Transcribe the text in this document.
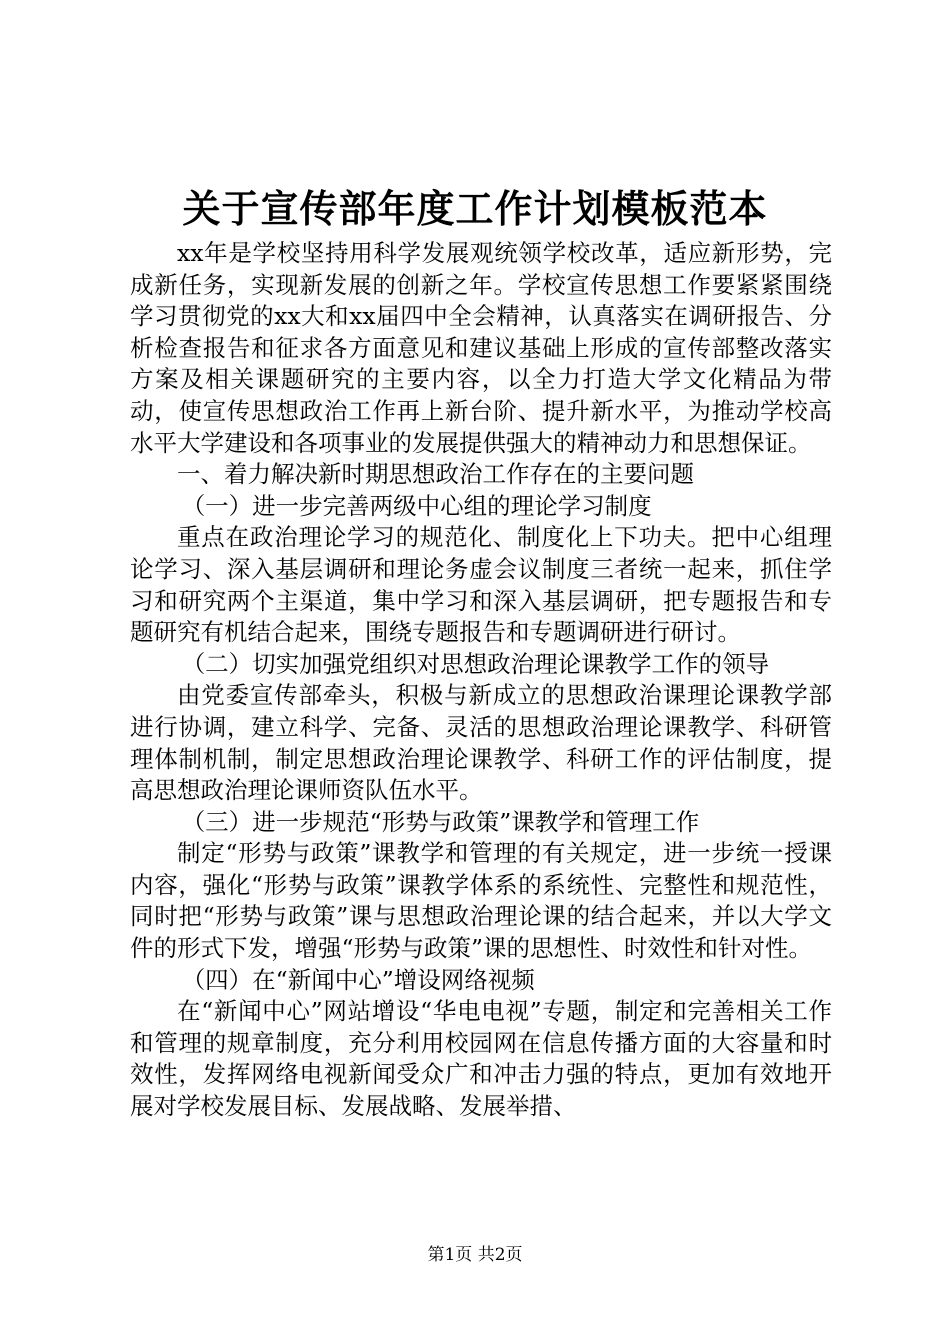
关于宣传部年度工作计划模板范本

xx年是学校坚持用科学发展观统领学校改革，适应新形势，完成新任务，实现新发展的创新之年。学校宣传思想工作要紧紧围绕学习贯彻党的xx大和xx届四中全会精神，认真落实在调研报告、分析检查报告和征求各方面意见和建议基础上形成的宣传部整改落实方案及相关课题研究的主要内容，以全力打造大学文化精品为带动，使宣传思想政治工作再上新台阶、提升新水平，为推动学校高水平大学建设和各项事业的发展提供强大的精神动力和思想保证。

一、着力解决新时期思想政治工作存在的主要问题

（一）进一步完善两级中心组的理论学习制度

重点在政治理论学习的规范化、制度化上下功夫。把中心组理论学习、深入基层调研和理论务虚会议制度三者统一起来，抓住学习和研究两个主渠道，集中学习和深入基层调研，把专题报告和专题研究有机结合起来，围绕专题报告和专题调研进行研讨。

（二）切实加强党组织对思想政治理论课教学工作的领导

由党委宣传部牵头，积极与新成立的思想政治课理论课教学部进行协调，建立科学、完备、灵活的思想政治理论课教学、科研管理体制机制，制定思想政治理论课教学、科研工作的评估制度，提高思想政治理论课师资队伍水平。

（三）进一步规范“形势与政策”课教学和管理工作

制定“形势与政策”课教学和管理的有关规定，进一步统一授课内容，强化“形势与政策”课教学体系的系统性、完整性和规范性，同时把“形势与政策”课与思想政治理论课的结合起来，并以大学文件的形式下发，增强“形势与政策”课的思想性、时效性和针对性。

（四）在“新闻中心”增设网络视频

在“新闻中心”网站增设“华电电视”专题，制定和完善相关工作和管理的规章制度，充分利用校园网在信息传播方面的大容量和时效性，发挥网络电视新闻受众广和冲击力强的特点，更加有效地开展对学校发展目标、发展战略、发展举措、

第1页 共2页
